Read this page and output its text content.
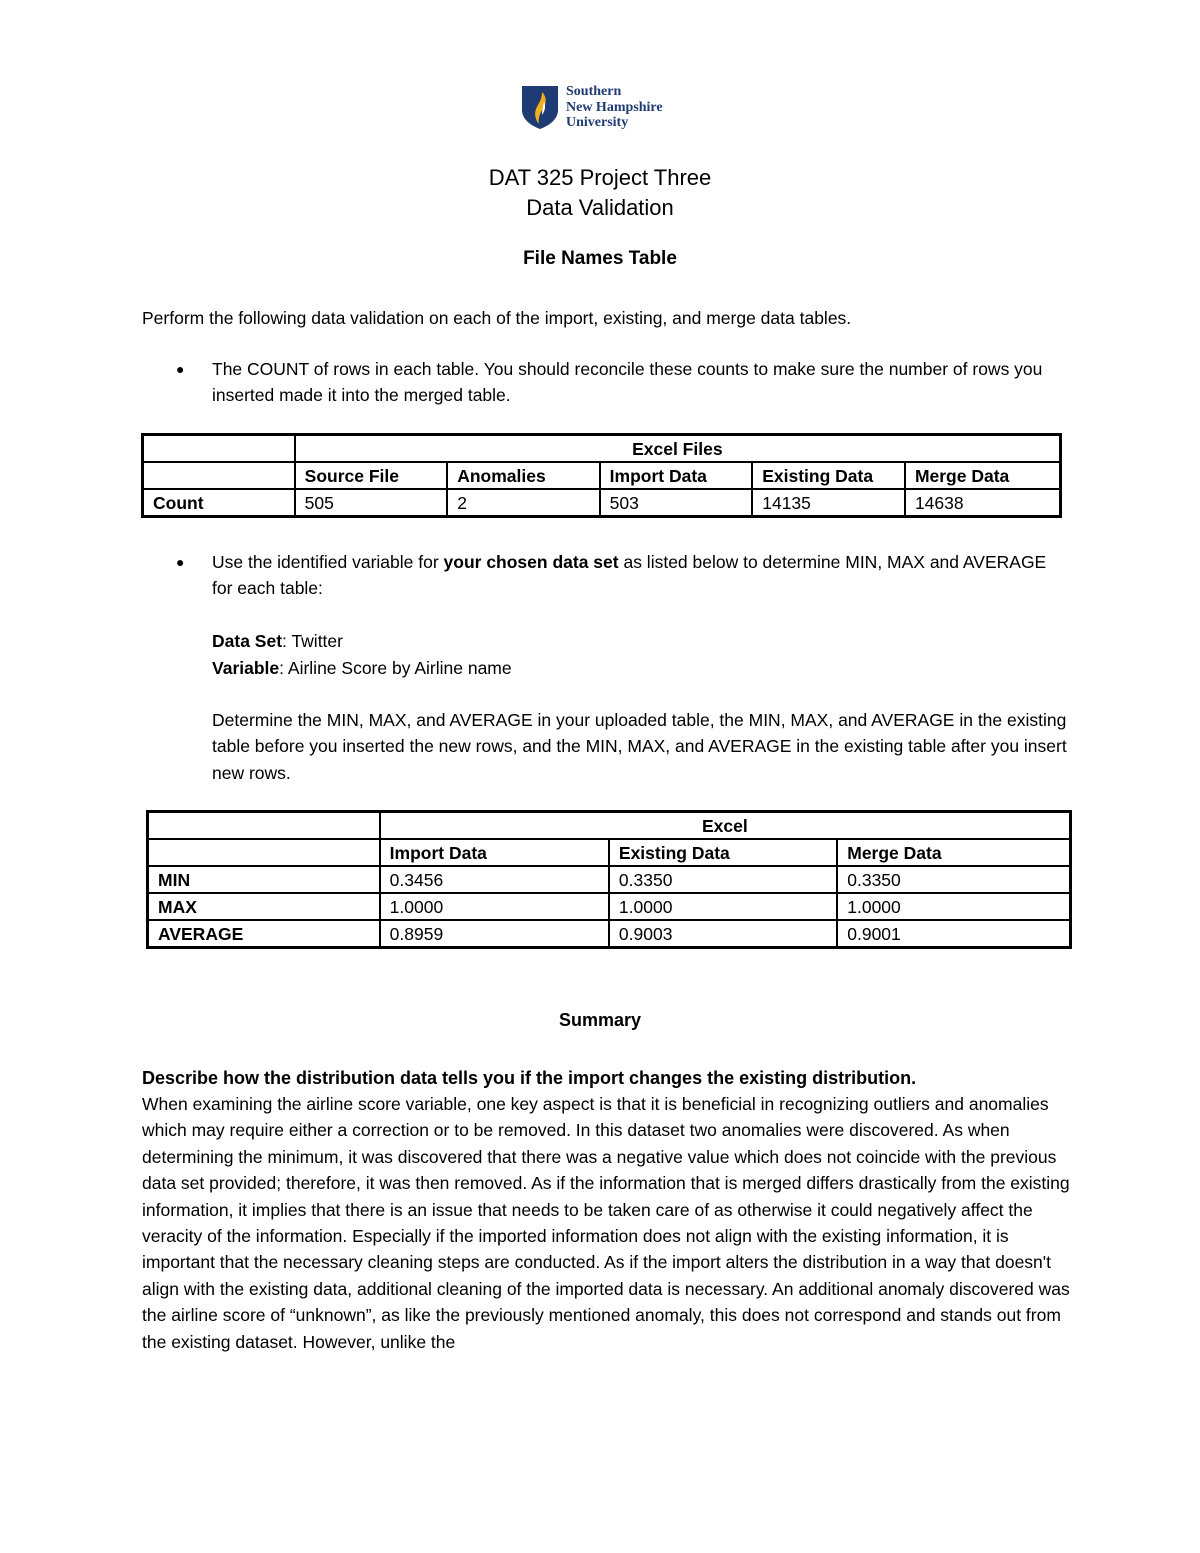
Southern
New Hampshire
University
DAT 325 Project Three
Data Validation
File Names Table
Perform the following data validation on each of the import, existing, and merge data tables.
● The COUNT of rows in each table. You should reconcile these counts to make sure the number of rows you inserted made it into the merged table.
	Excel Files				
	Source File	Anomalies	Import Data	Existing Data	Merge Data
Count	505	2	503	14135	14638
● Use the identified variable for your chosen data set as listed below to determine MIN, MAX and AVERAGE for each table:
Data Set: Twitter
Variable: Airline Score by Airline name
Determine the MIN, MAX, and AVERAGE in your uploaded table, the MIN, MAX, and AVERAGE in the existing table before you inserted the new rows, and the MIN, MAX, and AVERAGE in the existing table after you insert new rows.
	Excel		
	Import Data	Existing Data	Merge Data
MIN	0.3456	0.3350	0.3350
MAX	1.0000	1.0000	1.0000
AVERAGE	0.8959	0.9003	0.9001
Summary
Describe how the distribution data tells you if the import changes the existing distribution.
When examining the airline score variable, one key aspect is that it is beneficial in recognizing outliers and anomalies which may require either a correction or to be removed. In this dataset two anomalies were discovered. As when determining the minimum, it was discovered that there was a negative value which does not coincide with the previous data set provided; therefore, it was then removed. As if the information that is merged differs drastically from the existing information, it implies that there is an issue that needs to be taken care of as otherwise it could negatively affect the veracity of the information. Especially if the imported information does not align with the existing information, it is important that the necessary cleaning steps are conducted. As if the import alters the distribution in a way that doesn't align with the existing data, additional cleaning of the imported data is necessary. An additional anomaly discovered was the airline score of “unknown”, as like the previously mentioned anomaly, this does not correspond and stands out from the existing dataset. However, unlike the
